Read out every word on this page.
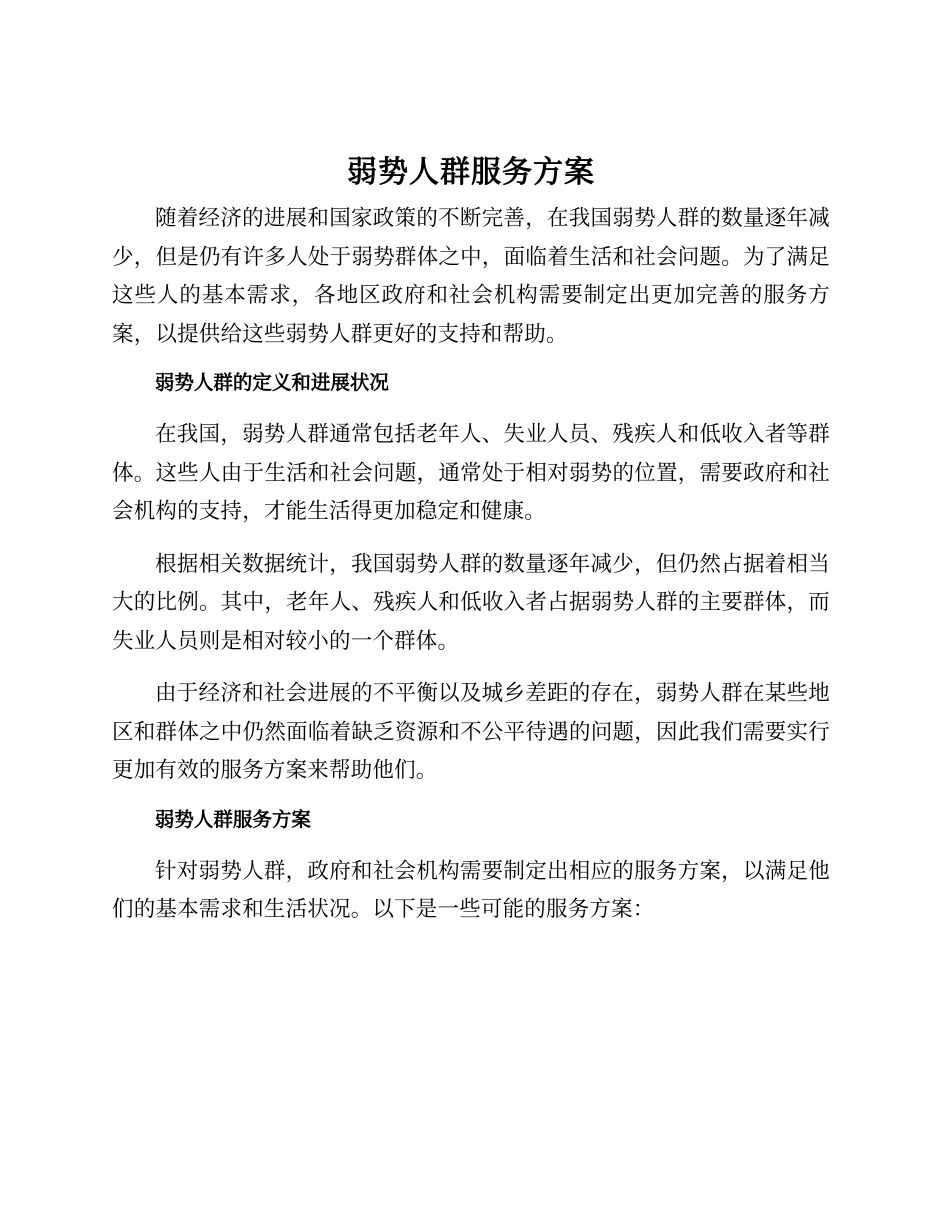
弱势人群服务方案

随着经济的进展和国家政策的不断完善，在我国弱势人群的数量逐年减少，但是仍有许多人处于弱势群体之中，面临着生活和社会问题。为了满足这些人的基本需求，各地区政府和社会机构需要制定出更加完善的服务方案，以提供给这些弱势人群更好的支持和帮助。

弱势人群的定义和进展状况

在我国，弱势人群通常包括老年人、失业人员、残疾人和低收入者等群体。这些人由于生活和社会问题，通常处于相对弱势的位置，需要政府和社会机构的支持，才能生活得更加稳定和健康。

根据相关数据统计，我国弱势人群的数量逐年减少，但仍然占据着相当大的比例。其中，老年人、残疾人和低收入者占据弱势人群的主要群体，而失业人员则是相对较小的一个群体。

由于经济和社会进展的不平衡以及城乡差距的存在，弱势人群在某些地区和群体之中仍然面临着缺乏资源和不公平待遇的问题，因此我们需要实行更加有效的服务方案来帮助他们。

弱势人群服务方案

针对弱势人群，政府和社会机构需要制定出相应的服务方案，以满足他们的基本需求和生活状况。以下是一些可能的服务方案：
